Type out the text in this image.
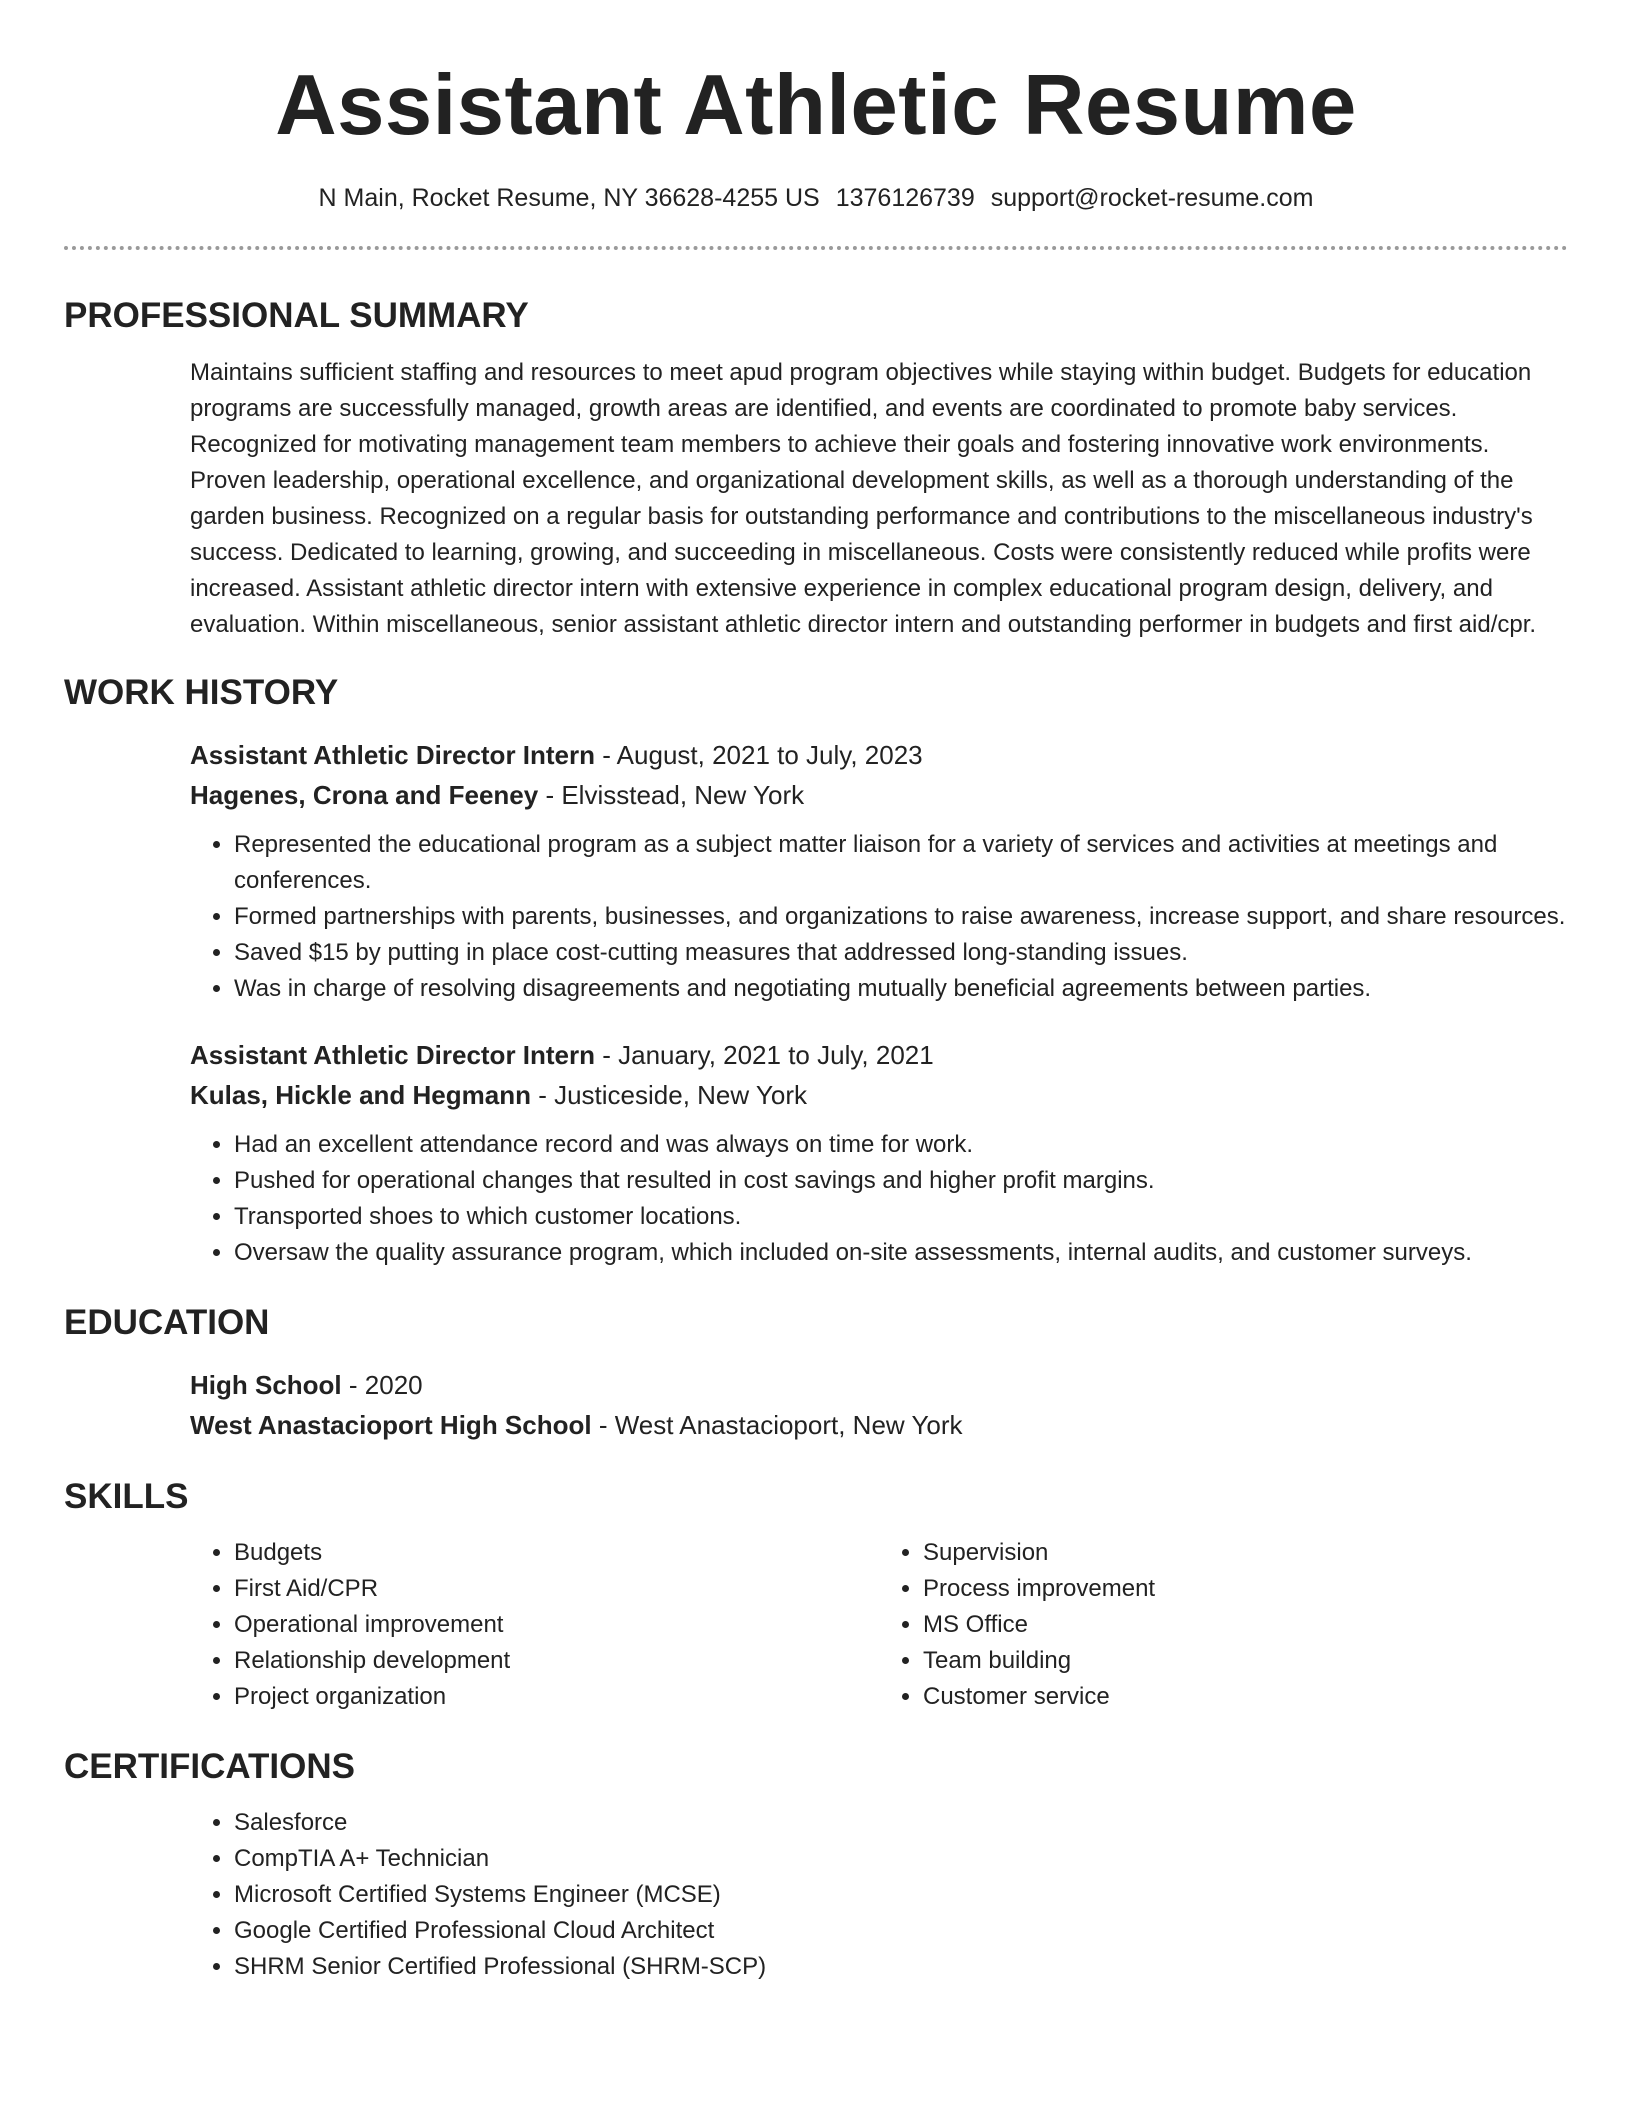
Assistant Athletic Resume
N Main, Rocket Resume, NY 36628-4255 US 1376126739 support@rocket-resume.com
PROFESSIONAL SUMMARY

Maintains sufficient staffing and resources to meet apud program objectives while staying within budget. Budgets for education programs are successfully managed, growth areas are identified, and events are coordinated to promote baby services. Recognized for motivating management team members to achieve their goals and fostering innovative work environments. Proven leadership, operational excellence, and organizational development skills, as well as a thorough understanding of the garden business. Recognized on a regular basis for outstanding performance and contributions to the miscellaneous industry's success. Dedicated to learning, growing, and succeeding in miscellaneous. Costs were consistently reduced while profits were increased. Assistant athletic director intern with extensive experience in complex educational program design, delivery, and evaluation. Within miscellaneous, senior assistant athletic director intern and outstanding performer in budgets and first aid/cpr.

WORK HISTORY
Assistant Athletic Director Intern - August, 2021 to July, 2023
Hagenes, Crona and Feeney - Elvisstead, New York
• Represented the educational program as a subject matter liaison for a variety of services and activities at meetings and conferences.
• Formed partnerships with parents, businesses, and organizations to raise awareness, increase support, and share resources.
• Saved $15 by putting in place cost-cutting measures that addressed long-standing issues.
• Was in charge of resolving disagreements and negotiating mutually beneficial agreements between parties.
Assistant Athletic Director Intern - January, 2021 to July, 2021
Kulas, Hickle and Hegmann - Justiceside, New York
• Had an excellent attendance record and was always on time for work.
• Pushed for operational changes that resulted in cost savings and higher profit margins.
• Transported shoes to which customer locations.
• Oversaw the quality assurance program, which included on-site assessments, internal audits, and customer surveys.
EDUCATION
High School - 2020
West Anastacioport High School - West Anastacioport, New York
SKILLS
• Budgets
• First Aid/CPR
• Operational improvement
• Relationship development
• Project organization
• Supervision
• Process improvement
• MS Office
• Team building
• Customer service
CERTIFICATIONS
• Salesforce
• CompTIA A+ Technician
• Microsoft Certified Systems Engineer (MCSE)
• Google Certified Professional Cloud Architect
• SHRM Senior Certified Professional (SHRM-SCP)
